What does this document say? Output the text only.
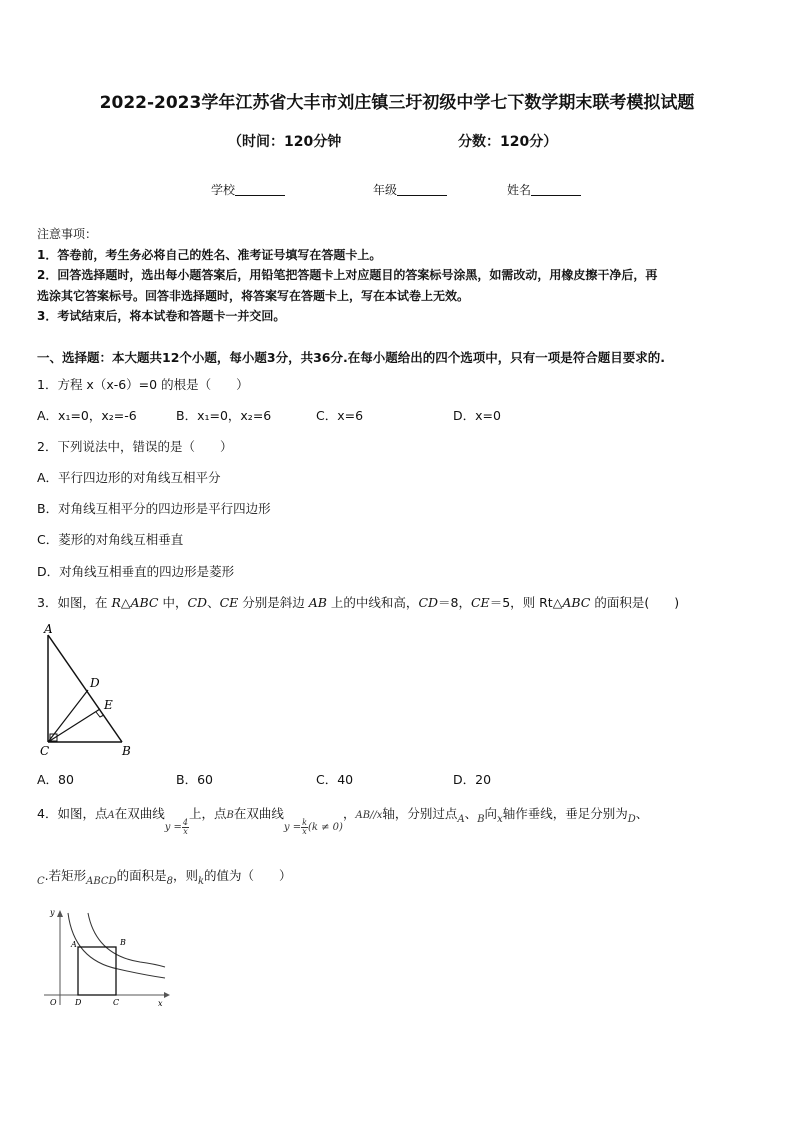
2022-2023学年江苏省大丰市刘庄镇三圩初级中学七下数学期末联考模拟试题
（时间：120分钟	分数：120分）
学校	年级	姓名
注意事项：
1．答卷前，考生务必将自己的姓名、准考证号填写在答题卡上。
2．回答选择题时，选出每小题答案后，用铅笔把答题卡上对应题目的答案标号涂黑，如需改动，用橡皮擦干净后，再
选涂其它答案标号。回答非选择题时，将答案写在答题卡上，写在本试卷上无效。
3．考试结束后，将本试卷和答题卡一并交回。
一、选择题：本大题共12个小题，每小题3分，共36分.在每小题给出的四个选项中，只有一项是符合题目要求的.
1．方程 x（x-6）=0 的根是（　　）
A．x₁=0，x₂=-6	B．x₁=0，x₂=6	C．x=6	D．x=0
2．下列说法中，错误的是（　　）
A．平行四边形的对角线互相平分
B．对角线互相平分的四边形是平行四边形
C．菱形的对角线互相垂直
D．对角线互相垂直的四边形是菱形
3．如图，在 R△ABC 中，CD、CE 分别是斜边 AB 上的中线和高，CD＝8，CE＝5，则 Rt△ABC 的面积是(　　)
A
D
E
C	B
A．80	B．60	C．40	D．20
4．如图，点A在双曲线$_{y = \frac{4}{x}}$
上，点B在双曲线$_{y = \frac{k}{x} (k \ne 0)}$，AB//x轴，分别过点$_A$、$_B$向$_x$轴作垂线，垂足分别为$_D$、
$_C$.若矩形$_{ABCD}$的面积是$_8$，则$_k$的值为（　　）
y
A	B
O D	C	x
